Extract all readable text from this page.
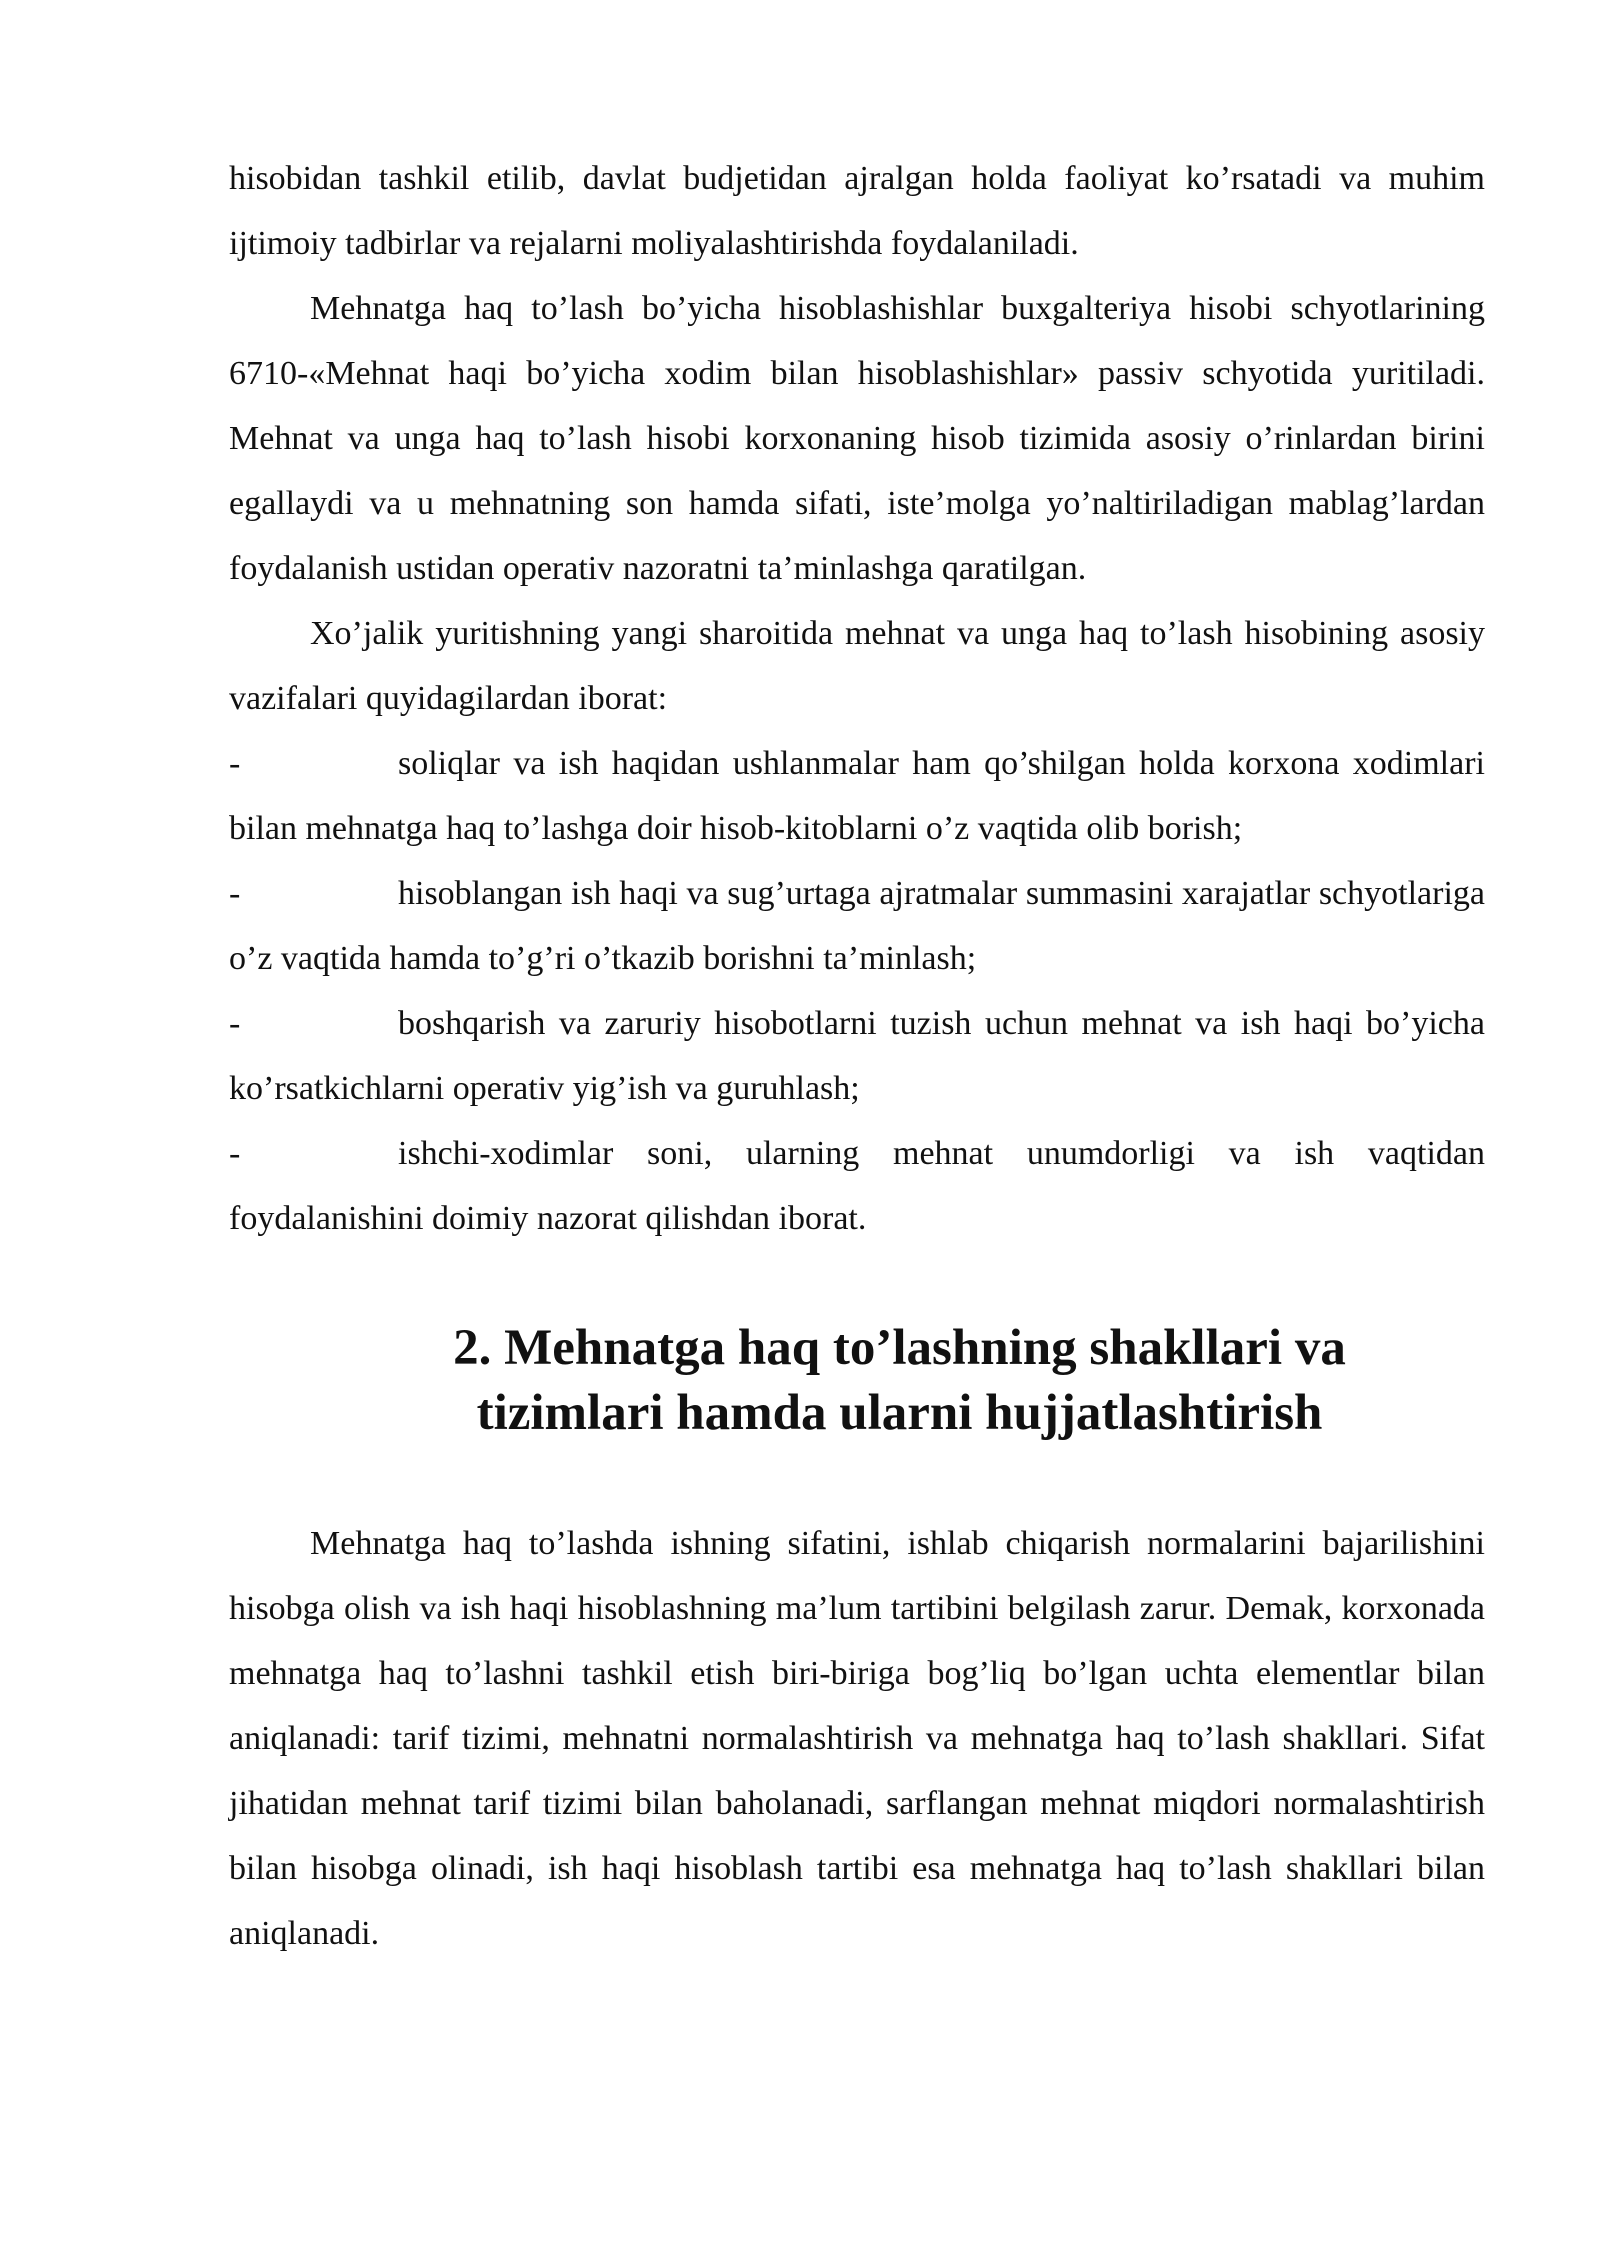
hisobidan tashkil etilib, davlat budjetidan ajralgan holda faoliyat ko’rsatadi va muhim ijtimoiy tadbirlar va rejalarni moliyalashtirishda foydalaniladi.

Mehnatga haq to’lash bo’yicha hisoblashishlar buxgalteriya hisobi schyotlarining 6710-«Mehnat haqi bo’yicha xodim bilan hisoblashishlar» passiv schyotida yuritiladi. Mehnat va unga haq to’lash hisobi korxonaning hisob tizimida asosiy o’rinlardan birini egallaydi va u mehnatning son hamda sifati, iste’molga yo’naltiriladigan mablag’lardan foydalanish ustidan operativ nazoratni ta’minlashga qaratilgan.

Xo’jalik yuritishning yangi sharoitida mehnat va unga haq to’lash hisobining asosiy vazifalari quyidagilardan iborat:

-	soliqlar va ish haqidan ushlanmalar ham qo’shilgan holda korxona xodimlari bilan mehnatga haq to’lashga doir hisob-kitoblarni o’z vaqtida olib borish;

-	hisoblangan ish haqi va sug’urtaga ajratmalar summasini xarajatlar schyotlariga o’z vaqtida hamda to’g’ri o’tkazib borishni ta’minlash;

-	boshqarish va zaruriy hisobotlarni tuzish uchun mehnat va ish haqi bo’yicha ko’rsatkichlarni operativ yig’ish va guruhlash;

-	ishchi-xodimlar soni, ularning mehnat unumdorligi va ish vaqtidan foydalanishini doimiy nazorat qilishdan iborat.

2. Mehnatga haq to’lashning shakllari va tizimlari hamda ularni hujjatlashtirish

Mehnatga haq to’lashda ishning sifatini, ishlab chiqarish normalarini bajarilishini hisobga olish va ish haqi hisoblashning ma’lum tartibini belgilash zarur. Demak, korxonada mehnatga haq to’lashni tashkil etish biri-biriga bog’liq bo’lgan uchta elementlar bilan aniqlanadi: tarif tizimi, mehnatni normalashtirish va mehnatga haq to’lash shakllari. Sifat jihatidan mehnat tarif tizimi bilan baholanadi, sarflangan mehnat miqdori normalashtirish bilan hisobga olinadi, ish haqi hisoblash tartibi esa mehnatga haq to’lash shakllari bilan aniqlanadi.
